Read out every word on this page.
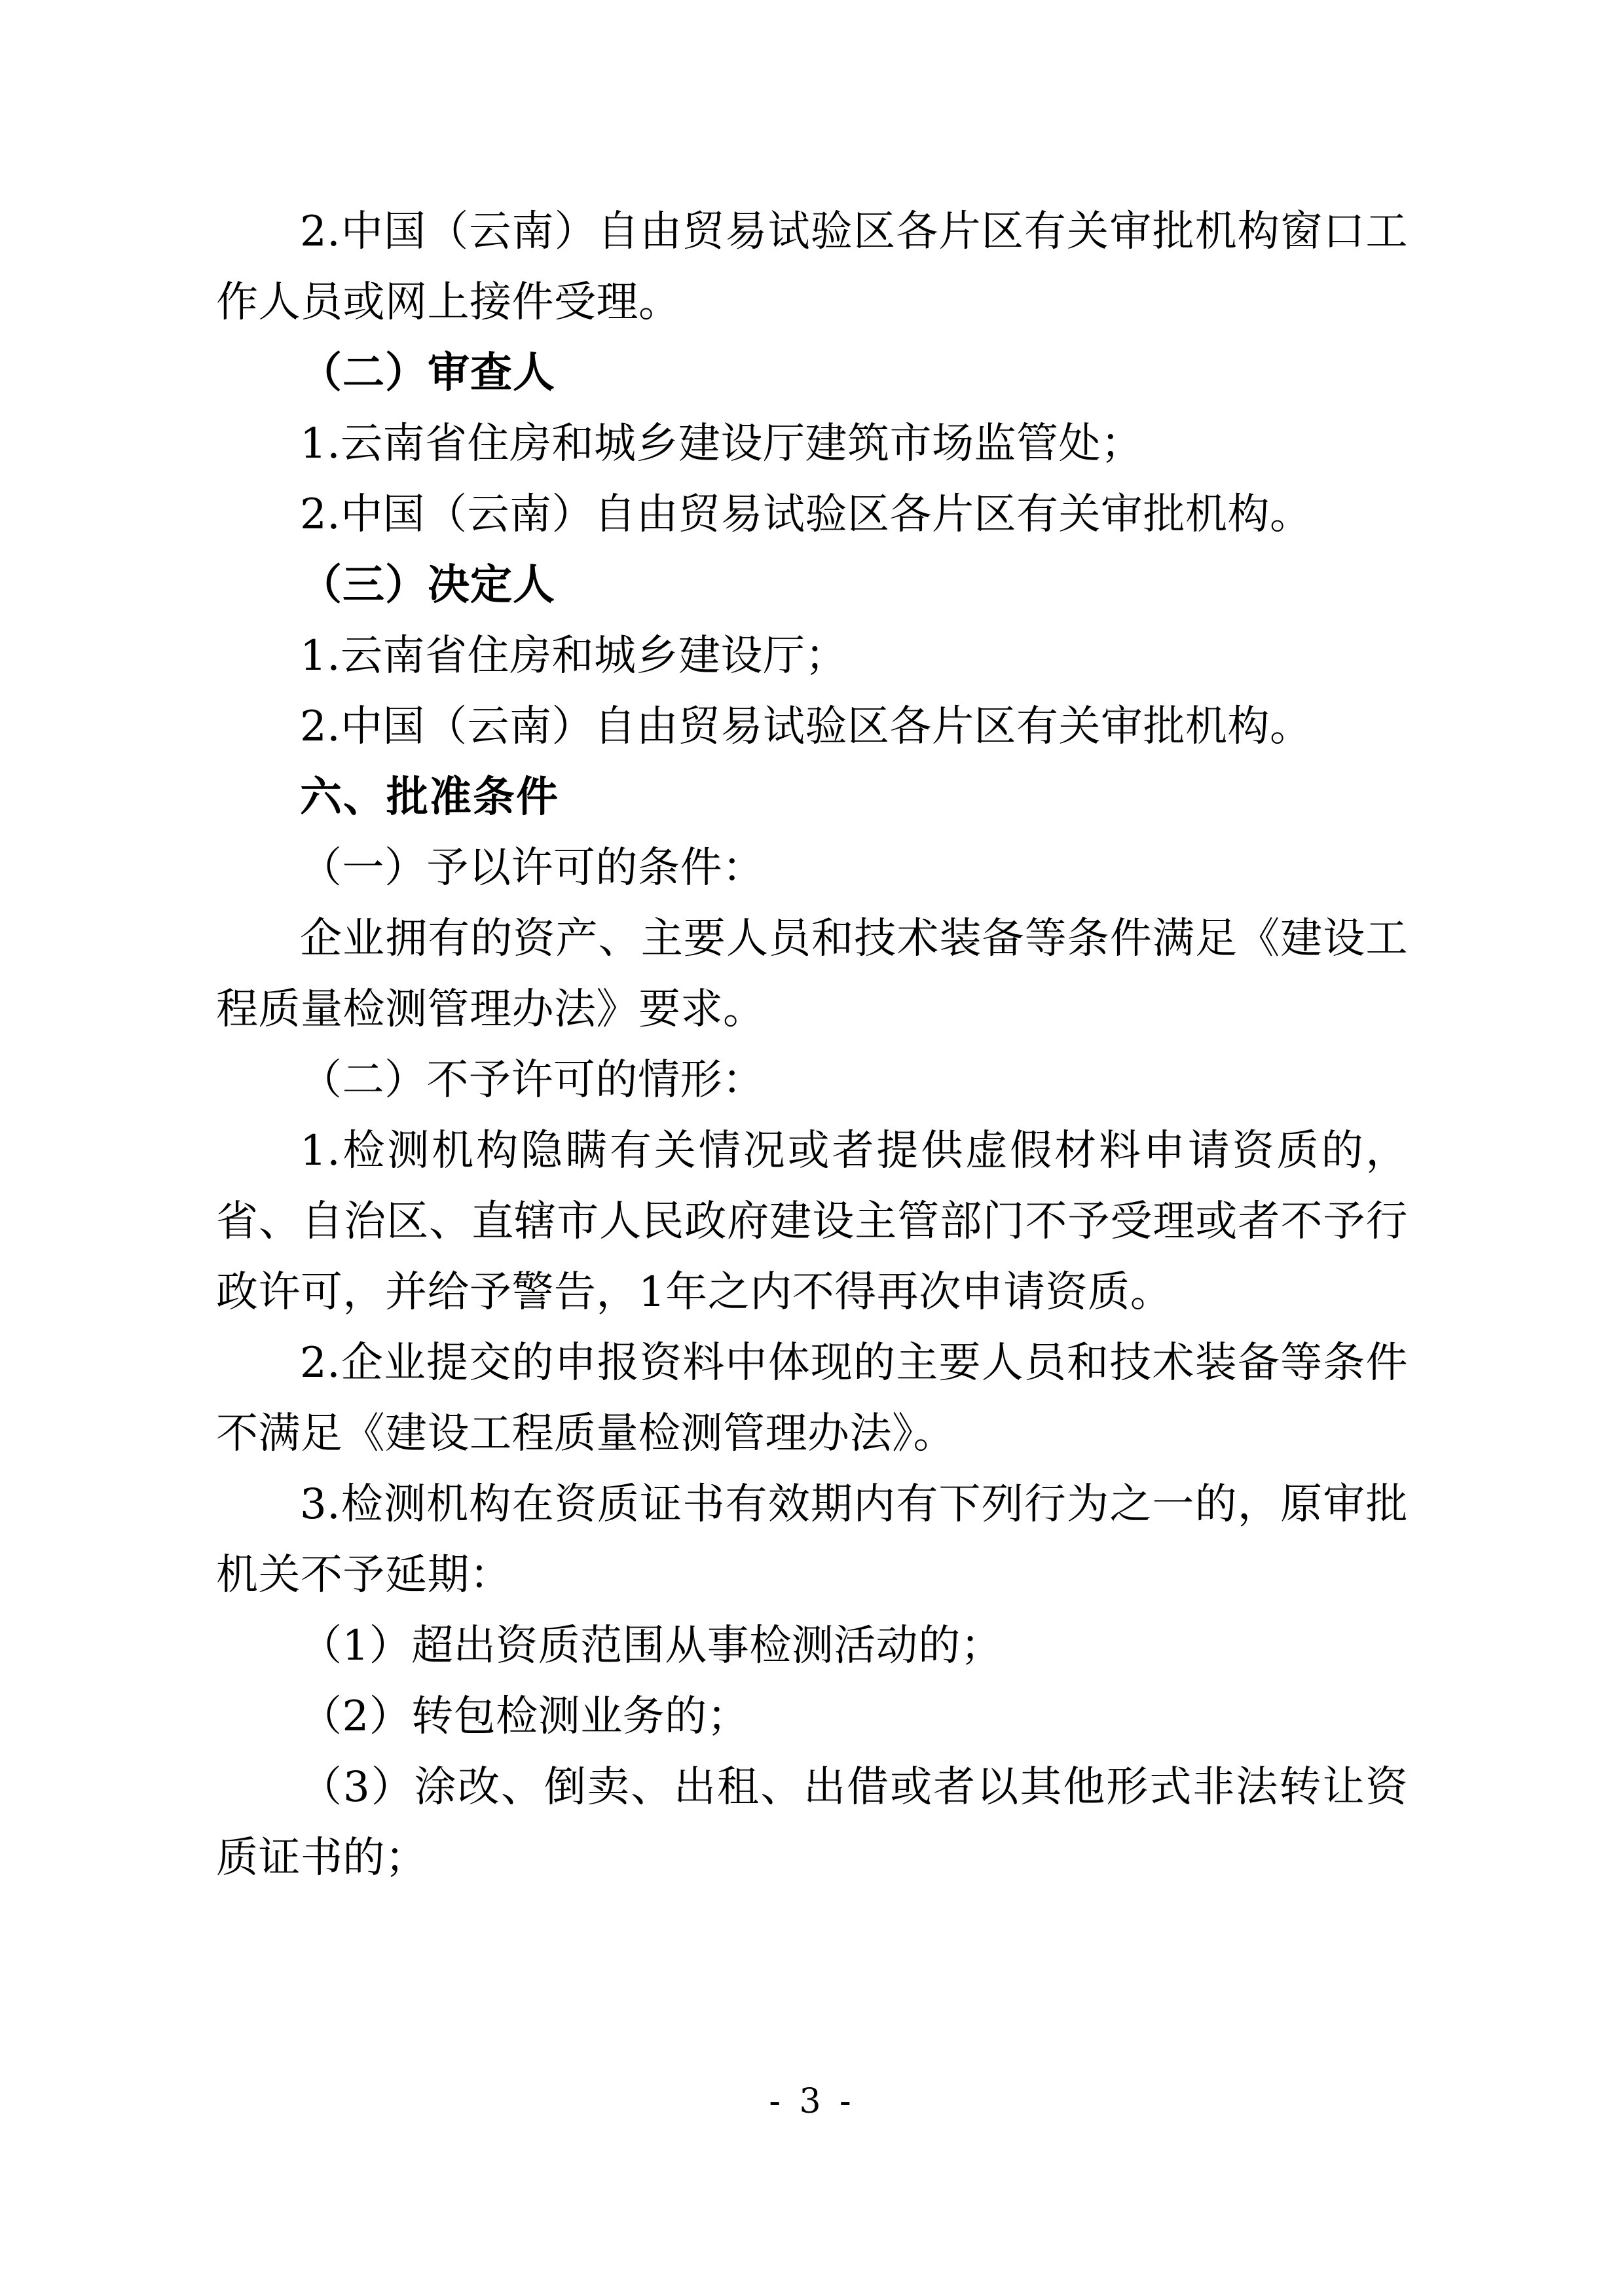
2.中国（云南）自由贸易试验区各片区有关审批机构窗口工作人员或网上接件受理。

（二）审查人

1.云南省住房和城乡建设厅建筑市场监管处；

2.中国（云南）自由贸易试验区各片区有关审批机构。

（三）决定人

1.云南省住房和城乡建设厅；

2.中国（云南）自由贸易试验区各片区有关审批机构。

六、批准条件

（一）予以许可的条件：

企业拥有的资产、主要人员和技术装备等条件满足《建设工程质量检测管理办法》要求。

（二）不予许可的情形：

1.检测机构隐瞒有关情况或者提供虚假材料申请资质的，省、自治区、直辖市人民政府建设主管部门不予受理或者不予行政许可，并给予警告，1年之内不得再次申请资质。

2.企业提交的申报资料中体现的主要人员和技术装备等条件不满足《建设工程质量检测管理办法》。

3.检测机构在资质证书有效期内有下列行为之一的，原审批机关不予延期：

（1）超出资质范围从事检测活动的；

（2）转包检测业务的；

（3）涂改、倒卖、出租、出借或者以其他形式非法转让资质证书的；

- 3 -
